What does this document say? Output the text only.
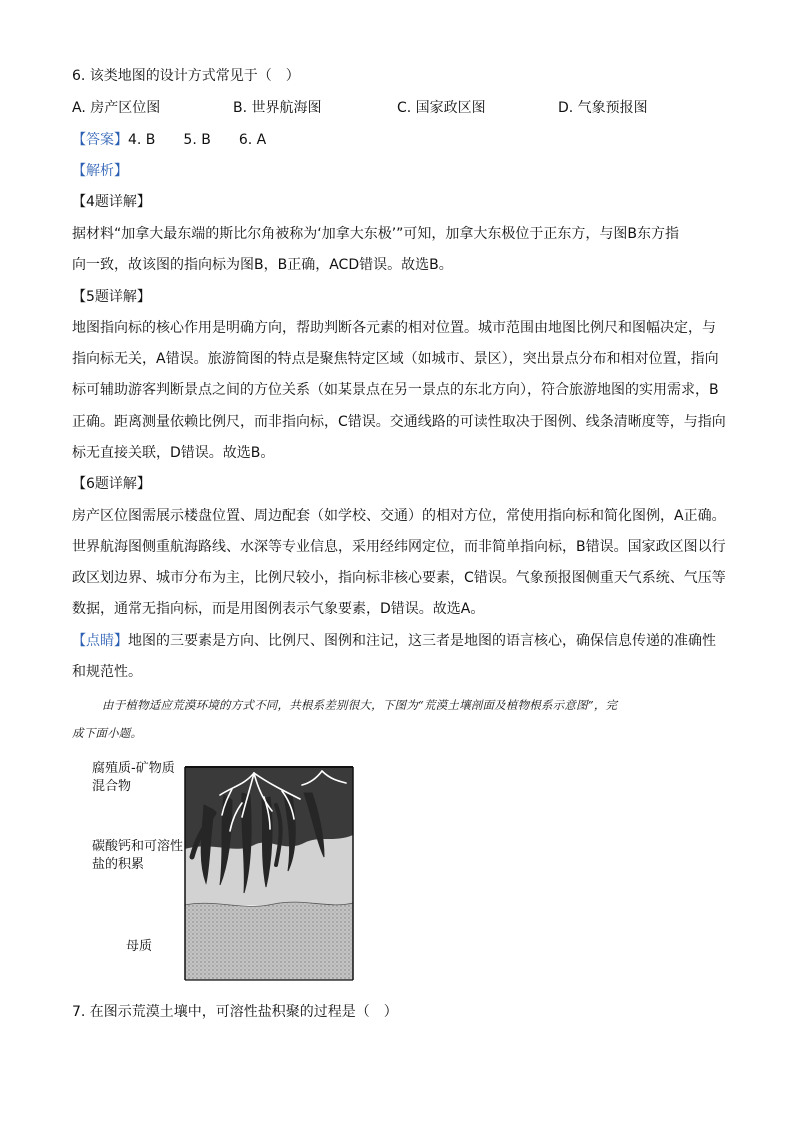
6. 该类地图的设计方式常见于（　）
A. 房产区位图	B. 世界航海图	C. 国家政区图	D. 气象预报图
【答案】4. B　　5. B　　6. A
【解析】
【4题详解】
据材料“加拿大最东端的斯比尔角被称为‘加拿大东极’”可知，加拿大东极位于正东方，与图B东方指
向一致，故该图的指向标为图B，B正确，ACD错误。故选B。
【5题详解】
地图指向标的核心作用是明确方向，帮助判断各元素的相对位置。城市范围由地图比例尺和图幅决定，与
指向标无关，A错误。旅游简图的特点是聚焦特定区域（如城市、景区），突出景点分布和相对位置，指向
标可辅助游客判断景点之间的方位关系（如某景点在另一景点的东北方向），符合旅游地图的实用需求，B
正确。距离测量依赖比例尺，而非指向标，C错误。交通线路的可读性取决于图例、线条清晰度等，与指向
标无直接关联，D错误。故选B。
【6题详解】
房产区位图需展示楼盘位置、周边配套（如学校、交通）的相对方位，常使用指向标和简化图例，A正确。
世界航海图侧重航海路线、水深等专业信息，采用经纬网定位，而非简单指向标，B错误。国家政区图以行
政区划边界、城市分布为主，比例尺较小，指向标非核心要素，C错误。气象预报图侧重天气系统、气压等
数据，通常无指向标，而是用图例表示气象要素，D错误。故选A。
【点睛】地图的三要素是方向、比例尺、图例和注记，这三者是地图的语言核心，确保信息传递的准确性
和规范性。
由于植物适应荒漠环境的方式不同，共根系差别很大，下图为“荒漠土壤剖面及植物根系示意图”，完
成下面小题。
腐殖质-矿物质
混合物
碳酸钙和可溶性
盐的积累
母质
7. 在图示荒漠土壤中，可溶性盐积聚的过程是（　）
